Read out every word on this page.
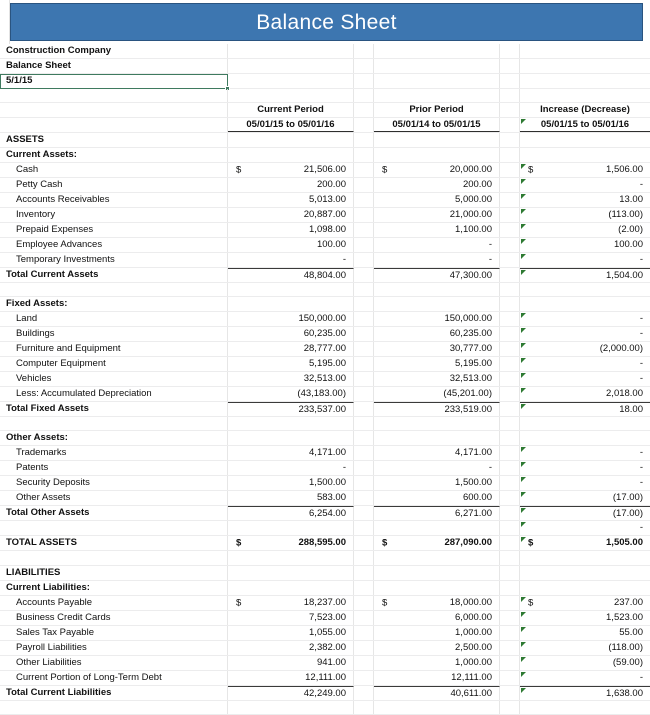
Balance Sheet
Construction Company
Balance Sheet
5/1/15
Current Period	Prior Period	Increase (Decrease)
05/01/15 to 05/01/16	05/01/14 to 05/01/15	05/01/15 to 05/01/16
ASSETS
Current Assets:
Cash	$	21,506.00	$	20,000.00	$	1,506.00
Petty Cash	200.00	200.00	-
Accounts Receivables	5,013.00	5,000.00	13.00
Inventory	20,887.00	21,000.00	(113.00)
Prepaid Expenses	1,098.00	1,100.00	(2.00)
Employee Advances	100.00	-	100.00
Temporary Investments	-	-	-
Total Current Assets	48,804.00	47,300.00	1,504.00
Fixed Assets:
Land	150,000.00	150,000.00	-
Buildings	60,235.00	60,235.00	-
Furniture and Equipment	28,777.00	30,777.00	(2,000.00)
Computer Equipment	5,195.00	5,195.00	-
Vehicles	32,513.00	32,513.00	-
Less: Accumulated Depreciation	(43,183.00)	(45,201.00)	2,018.00
Total Fixed Assets	233,537.00	233,519.00	18.00
Other Assets:
Trademarks	4,171.00	4,171.00	-
Patents	-	-	-
Security Deposits	1,500.00	1,500.00	-
Other Assets	583.00	600.00	(17.00)
Total Other Assets	6,254.00	6,271.00	(17.00)
-
TOTAL ASSETS	$	288,595.00	$	287,090.00	$	1,505.00
LIABILITIES
Current Liabilities:
Accounts Payable	$	18,237.00	$	18,000.00	$	237.00
Business Credit Cards	7,523.00	6,000.00	1,523.00
Sales Tax Payable	1,055.00	1,000.00	55.00
Payroll Liabilities	2,382.00	2,500.00	(118.00)
Other Liabilities	941.00	1,000.00	(59.00)
Current Portion of Long-Term Debt	12,111.00	12,111.00	-
Total Current Liabilities	42,249.00	40,611.00	1,638.00
